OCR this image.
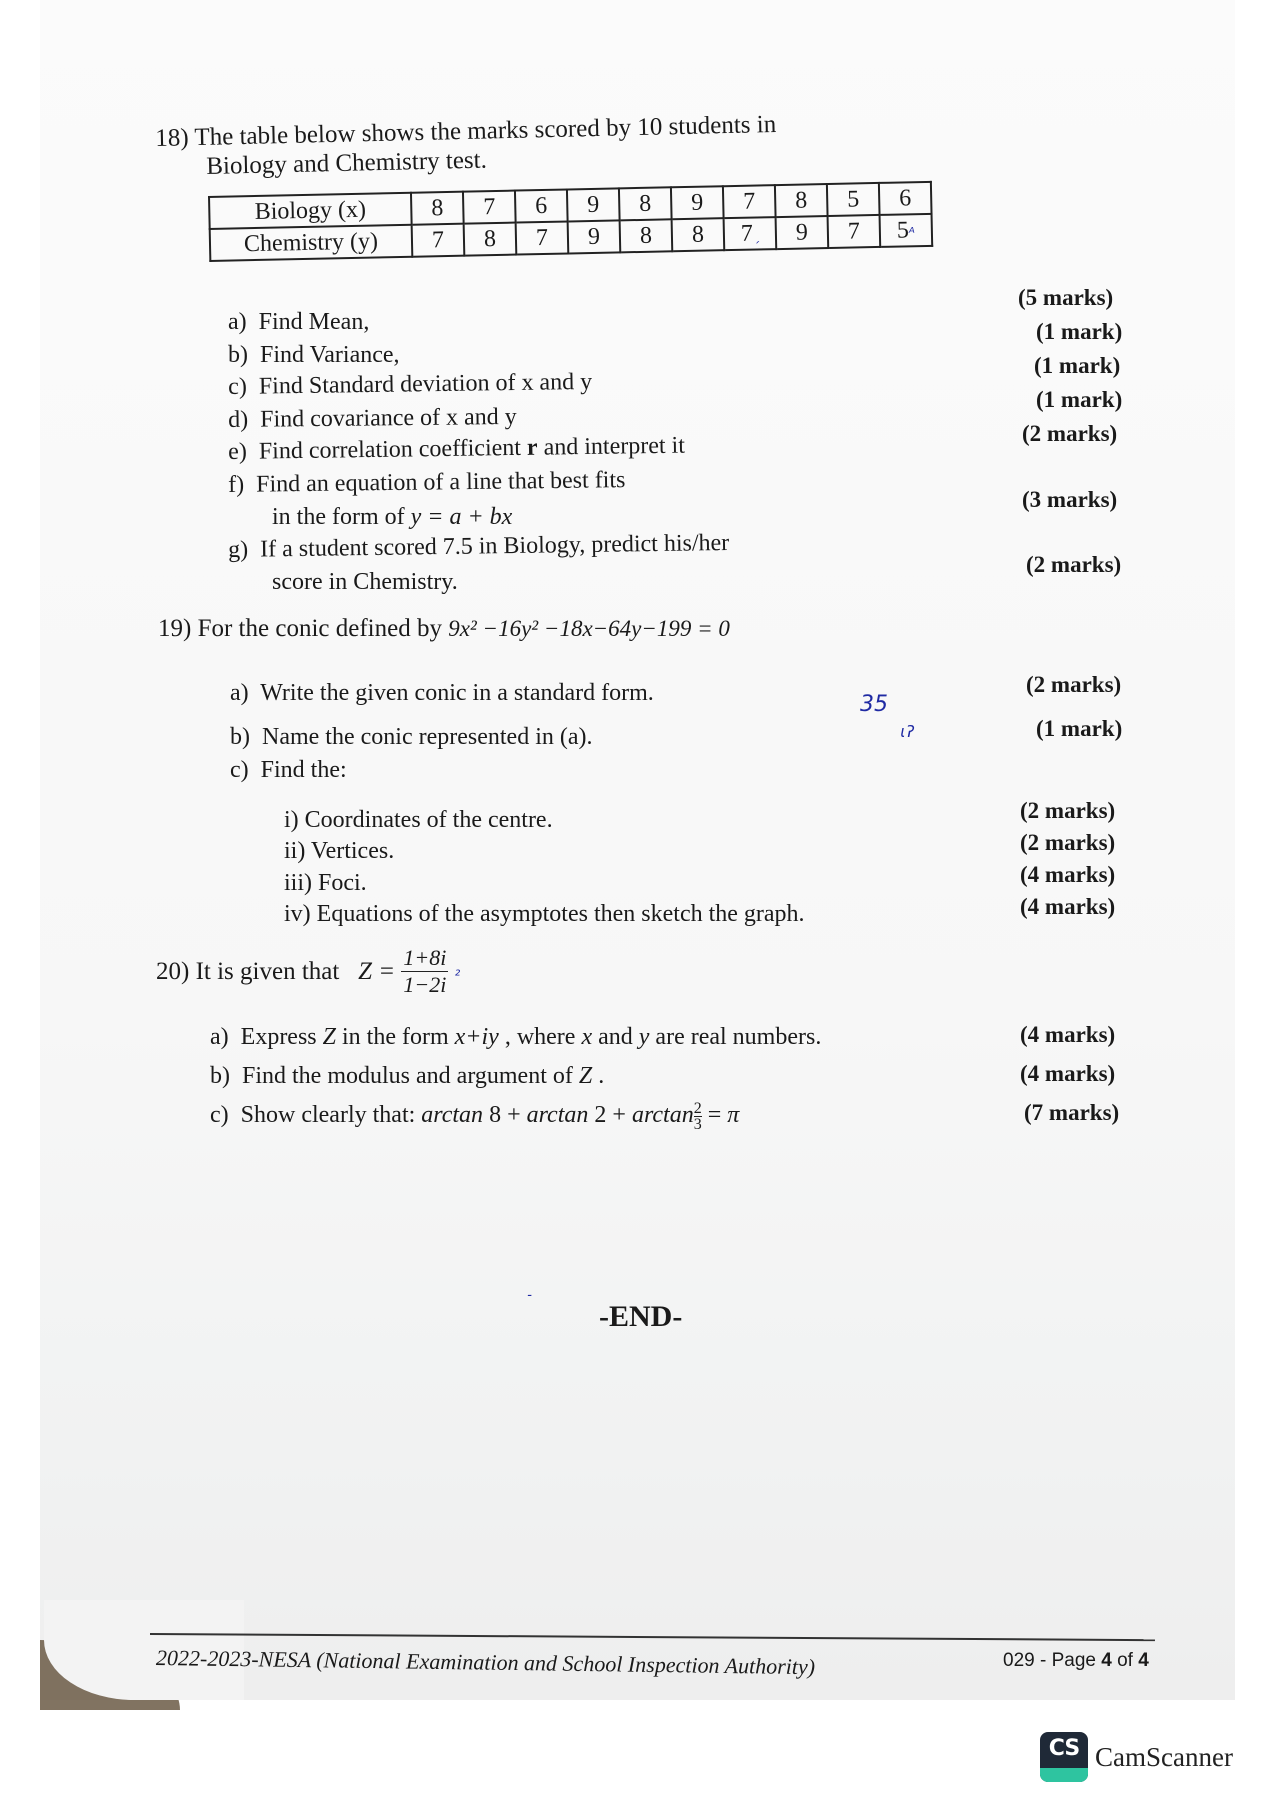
18) The table below shows the marks scored by 10 students in
Biology and Chemistry test.
Biology (x)	8	7	6	9	8	9	7	8	5	6
Chemistry (y)	7	8	7	9	8	8	7ˏ	9	7	5ᴬ
a) Find Mean,
b) Find Variance,
c) Find Standard deviation of x and y
d) Find covariance of x and y
e) Find correlation coefficient r and interpret it
f) Find an equation of a line that best fits
in the form of y = a + bx
g) If a student scored 7.5 in Biology, predict his/her
score in Chemistry.
(5 marks)
(1 mark)
(1 mark)
(1 mark)
(2 marks)
(3 marks)
(2 marks)
19) For the conic defined by 9x² −16y² −18x−64y−199 = 0
a) Write the given conic in a standard form.
b) Name the conic represented in (a).
c) Find the:
35
ɩʔ
(2 marks)
(1 mark)
i) Coordinates of the centre.
ii) Vertices.
iii) Foci.
iv) Equations of the asymptotes then sketch the graph.
(2 marks)
(2 marks)
(4 marks)
(4 marks)
20) It is given that $Z = \frac{1+8i}{1-2i} _2$
a) Express Z in the form x+iy , where x and y are real numbers.
b) Find the modulus and argument of Z .
c) Show clearly that: $\arctan 8 + \arctan 2 + \arctan \frac{2}{3} = \pi$
(4 marks)
(4 marks)
(7 marks)
˗
-END-
2022-2023-NESA (National Examination and School Inspection Authority)	029 - Page 4 of 4
CS CamScanner
